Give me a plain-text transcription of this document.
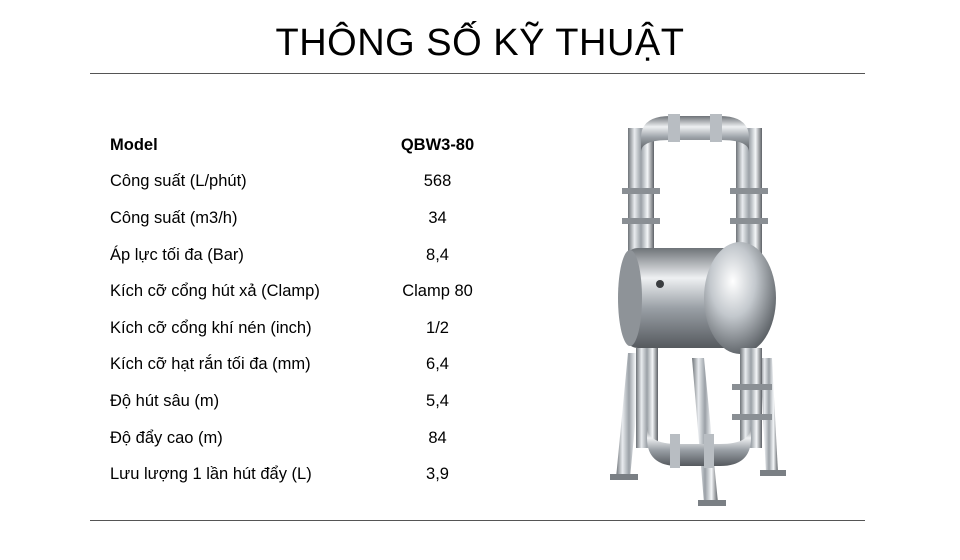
THÔNG SỐ KỸ THUẬT
Model	QBW3-80
Công suất (L/phút)	568
Công suất (m3/h)	34
Áp lực tối đa (Bar)	8,4
Kích cỡ cổng hút xả (Clamp)	Clamp 80
Kích cỡ cổng khí nén (inch)	1/2
Kích cỡ hạt rắn tối đa (mm)	6,4
Độ hút sâu (m)	5,4
Độ đẩy cao (m)	84
Lưu lượng 1 lần hút đẩy (L)	3,9
